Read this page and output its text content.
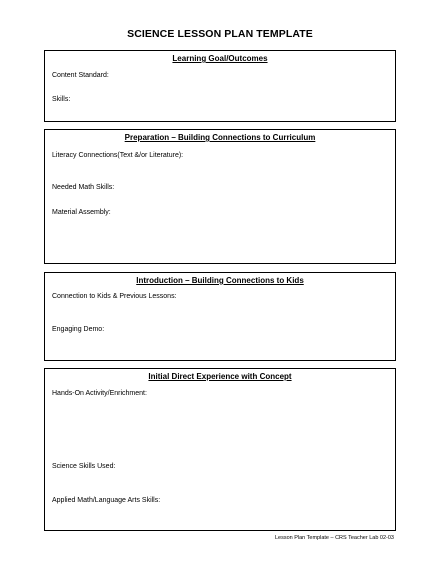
SCIENCE LESSON PLAN TEMPLATE
Learning Goal/Outcomes
Content Standard:
Skills:
Preparation – Building Connections to Curriculum
Literacy Connections(Text &/or Literature):
Needed Math Skills:
Material Assembly:
Introduction – Building Connections to Kids
Connection to Kids & Previous Lessons:
Engaging Demo:
Initial Direct Experience with Concept
Hands-On Activity/Enrichment:
Science Skills Used:
Applied Math/Language Arts Skills:
Lesson Plan Template – CRS Teacher Lab 02-03
